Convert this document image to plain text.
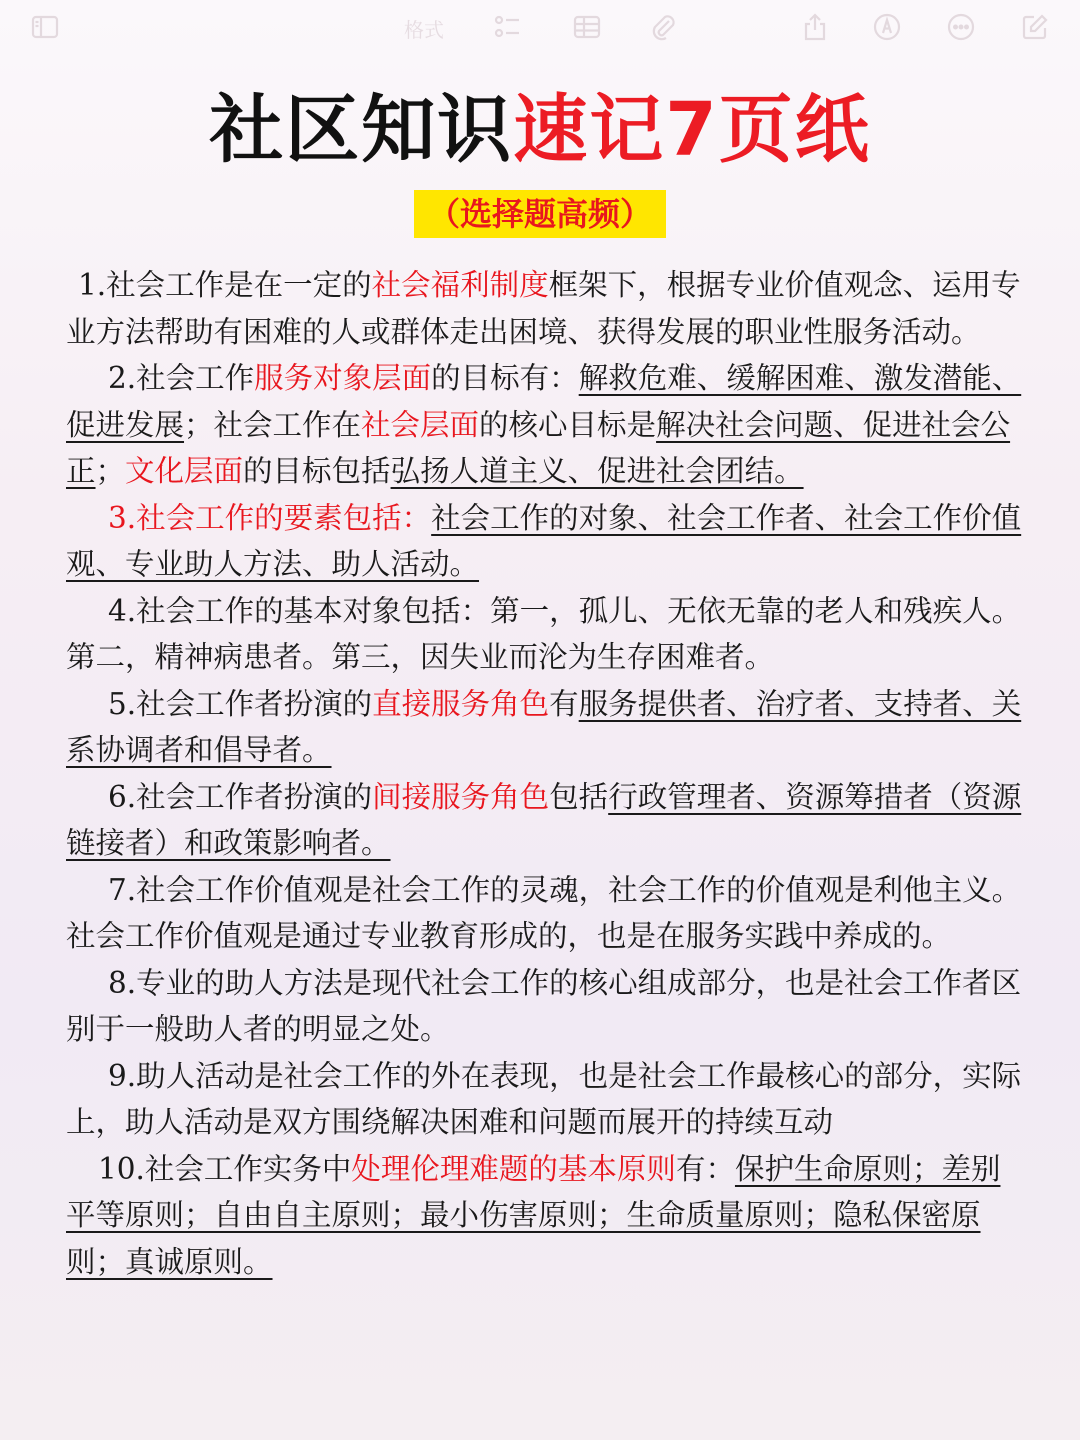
格式
社区知识速记7页纸
（选择题高频）

1.社会工作是在一定的社会福利制度框架下，根据专业价值观念、运用专业方法帮助有困难的人或群体走出困境、获得发展的职业性服务活动。

2.社会工作服务对象层面的目标有：解救危难、缓解困难、激发潜能、促进发展；社会工作在社会层面的核心目标是解决社会问题、促进社会公正；文化层面的目标包括弘扬人道主义、促进社会团结。

3.社会工作的要素包括：社会工作的对象、社会工作者、社会工作价值观、专业助人方法、助人活动。

4.社会工作的基本对象包括：第一，孤儿、无依无靠的老人和残疾人。第二，精神病患者。第三，因失业而沦为生存困难者。

5.社会工作者扮演的直接服务角色有服务提供者、治疗者、支持者、关系协调者和倡导者。

6.社会工作者扮演的间接服务角色包括行政管理者、资源筹措者（资源链接者）和政策影响者。

7.社会工作价值观是社会工作的灵魂，社会工作的价值观是利他主义。社会工作价值观是通过专业教育形成的，也是在服务实践中养成的。

8.专业的助人方法是现代社会工作的核心组成部分，也是社会工作者区别于一般助人者的明显之处。

9.助人活动是社会工作的外在表现，也是社会工作最核心的部分，实际上，助人活动是双方围绕解决困难和问题而展开的持续互动

10.社会工作实务中处理伦理难题的基本原则有：保护生命原则；差别平等原则；自由自主原则；最小伤害原则；生命质量原则；隐私保密原则；真诚原则。
